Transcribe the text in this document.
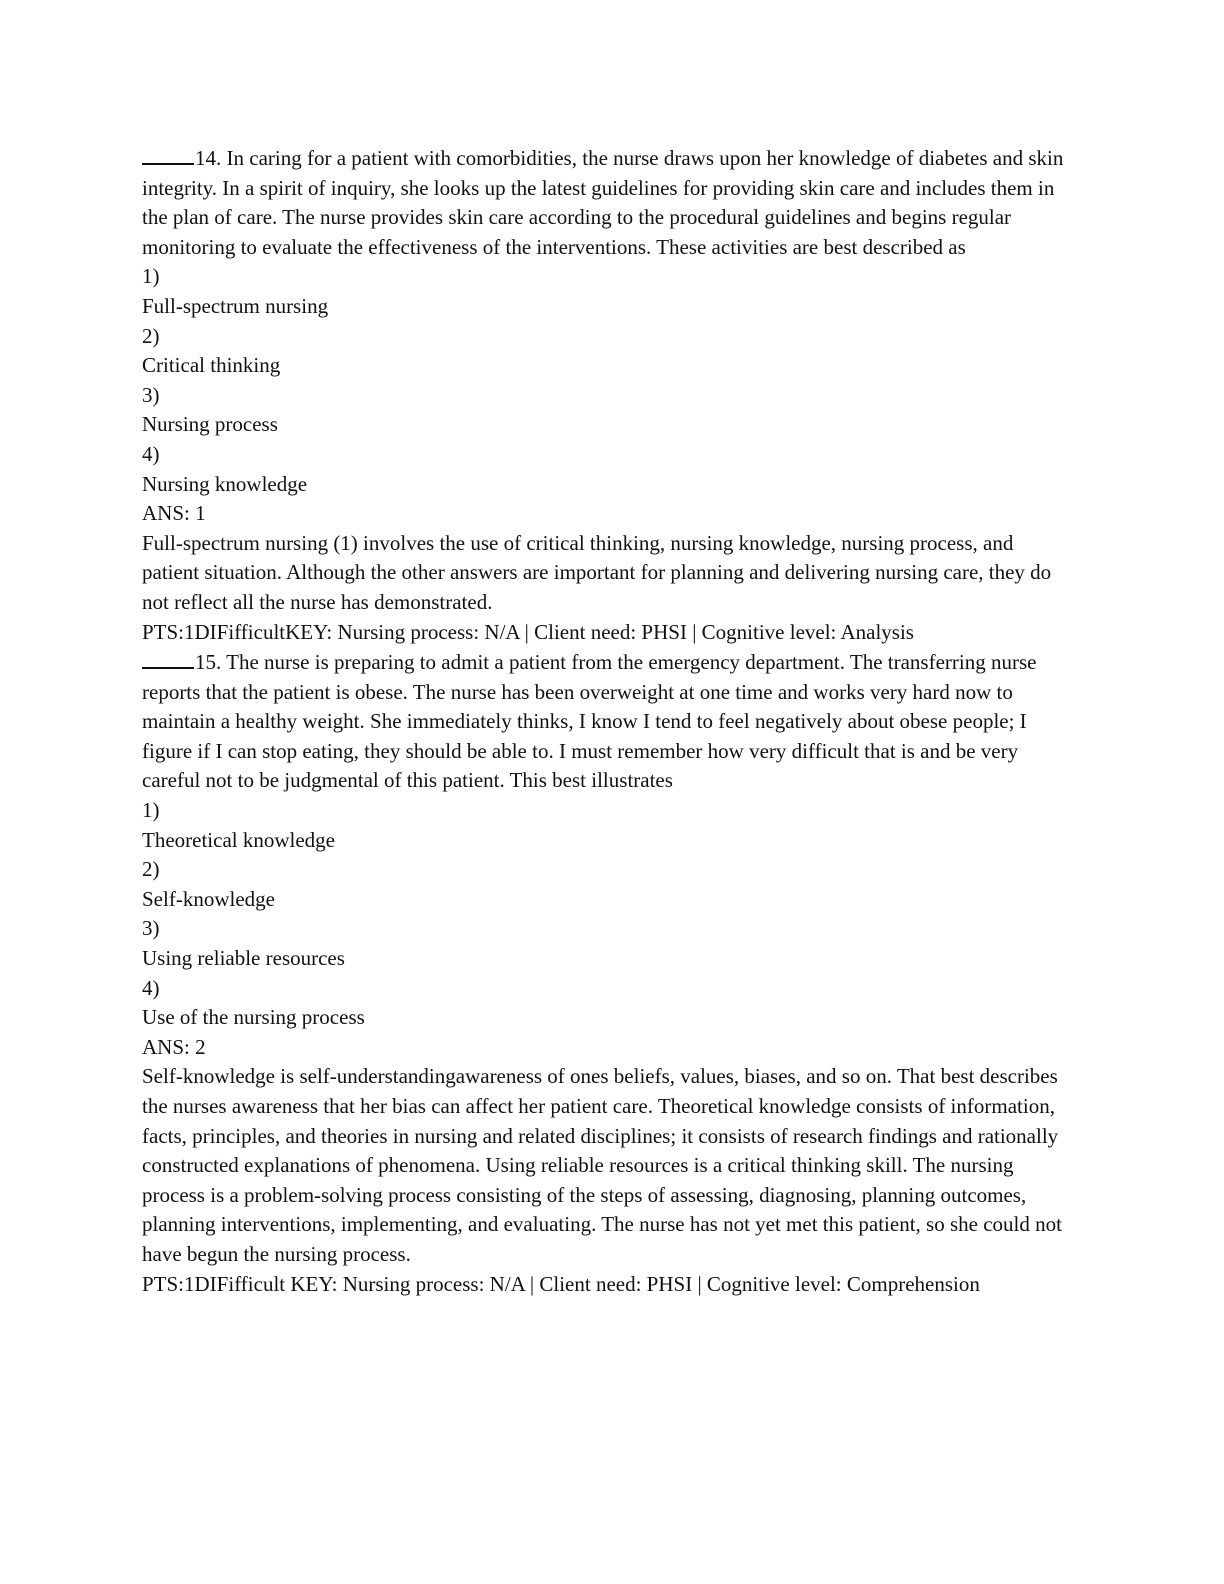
14. In caring for a patient with comorbidities, the nurse draws upon her knowledge of diabetes and skin integrity. In a spirit of inquiry, she looks up the latest guidelines for providing skin care and includes them in the plan of care. The nurse provides skin care according to the procedural guidelines and begins regular monitoring to evaluate the effectiveness of the interventions. These activities are best described as
1)
Full-spectrum nursing
2)
Critical thinking
3)
Nursing process
4)
Nursing knowledge
ANS: 1
Full-spectrum nursing (1) involves the use of critical thinking, nursing knowledge, nursing process, and patient situation. Although the other answers are important for planning and delivering nursing care, they do not reflect all the nurse has demonstrated.
PTS:1DIFifficultKEY: Nursing process: N/A | Client need: PHSI | Cognitive level: Analysis
15. The nurse is preparing to admit a patient from the emergency department. The transferring nurse reports that the patient is obese. The nurse has been overweight at one time and works very hard now to maintain a healthy weight. She immediately thinks, I know I tend to feel negatively about obese people; I figure if I can stop eating, they should be able to. I must remember how very difficult that is and be very careful not to be judgmental of this patient. This best illustrates
1)
Theoretical knowledge
2)
Self-knowledge
3)
Using reliable resources
4)
Use of the nursing process
ANS: 2
Self-knowledge is self-understandingawareness of ones beliefs, values, biases, and so on. That best describes the nurses awareness that her bias can affect her patient care. Theoretical knowledge consists of information, facts, principles, and theories in nursing and related disciplines; it consists of research findings and rationally constructed explanations of phenomena. Using reliable resources is a critical thinking skill. The nursing process is a problem-solving process consisting of the steps of assessing, diagnosing, planning outcomes, planning interventions, implementing, and evaluating. The nurse has not yet met this patient, so she could not have begun the nursing process.
PTS:1DIFifficult KEY: Nursing process: N/A | Client need: PHSI | Cognitive level: Comprehension
